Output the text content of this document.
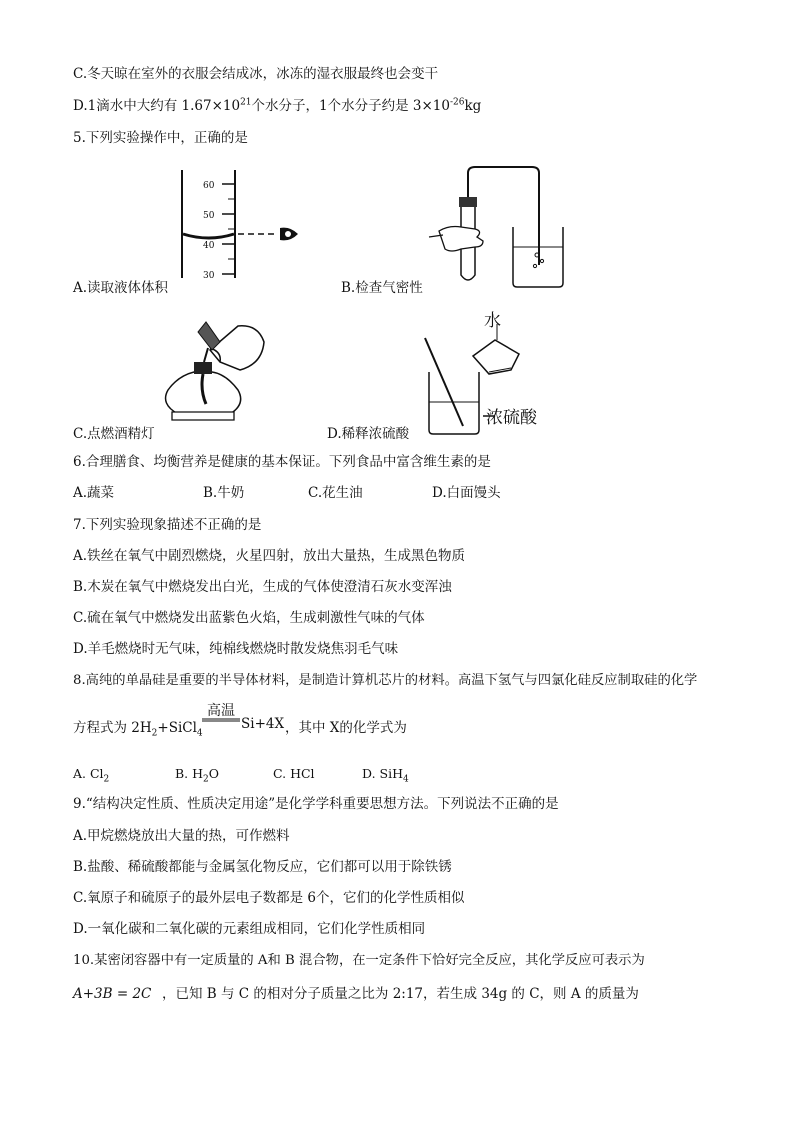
C.冬天晾在室外的衣服会结成冰，冰冻的湿衣服最终也会变干
D.1滴水中大约有 $1.67\times 10^{21}$个水分子，1个水分子约是 $3\times 10^{-26}kg$
5.下列实验操作中，正确的是
60
50
40
30
A.读取液体体积	B.检查气密性
C.点燃酒精灯
水
浓硫酸
D.稀释浓硫酸
6.合理膳食、均衡营养是健康的基本保证。下列食品中富含维生素的是
A.蔬菜	B.牛奶	C.花生油	D.白面馒头
7.下列实验现象描述不正确的是
A.铁丝在氧气中剧烈燃烧，火星四射，放出大量热，生成黑色物质
B.木炭在氧气中燃烧发出白光，生成的气体使澄清石灰水变浑浊
C.硫在氧气中燃烧发出蓝紫色火焰，生成刺激性气味的气体
D.羊毛燃烧时无气味，纯棉线燃烧时散发烧焦羽毛气味
8.高纯的单晶硅是重要的半导体材料，是制造计算机芯片的材料。高温下氢气与四氯化硅反应制取硅的化学
方程式为 $2H_2+SiCl_4$
高温
Si+4X ，其中 X的化学式为
A. $Cl_2$	B. $H_2O$	C. HCl	D. SiH$_4$
9.“结构决定性质、性质决定用途”是化学学科重要思想方法。下列说法不正确的是
A.甲烷燃烧放出大量的热，可作燃料
B.盐酸、稀硫酸都能与金属氢化物反应，它们都可以用于除铁锈
C.氧原子和硫原子的最外层电子数都是 6个，它们的化学性质相似
D.一氧化碳和二氧化碳的元素组成相同，它们化学性质相同
10.某密闭容器中有一定质量的 A和 B 混合物，在一定条件下恰好完全反应，其化学反应可表示为
A+3B = 2C ，已知 B 与 C 的相对分子质量之比为 2:17，若生成 34g 的 C，则 A 的质量为
